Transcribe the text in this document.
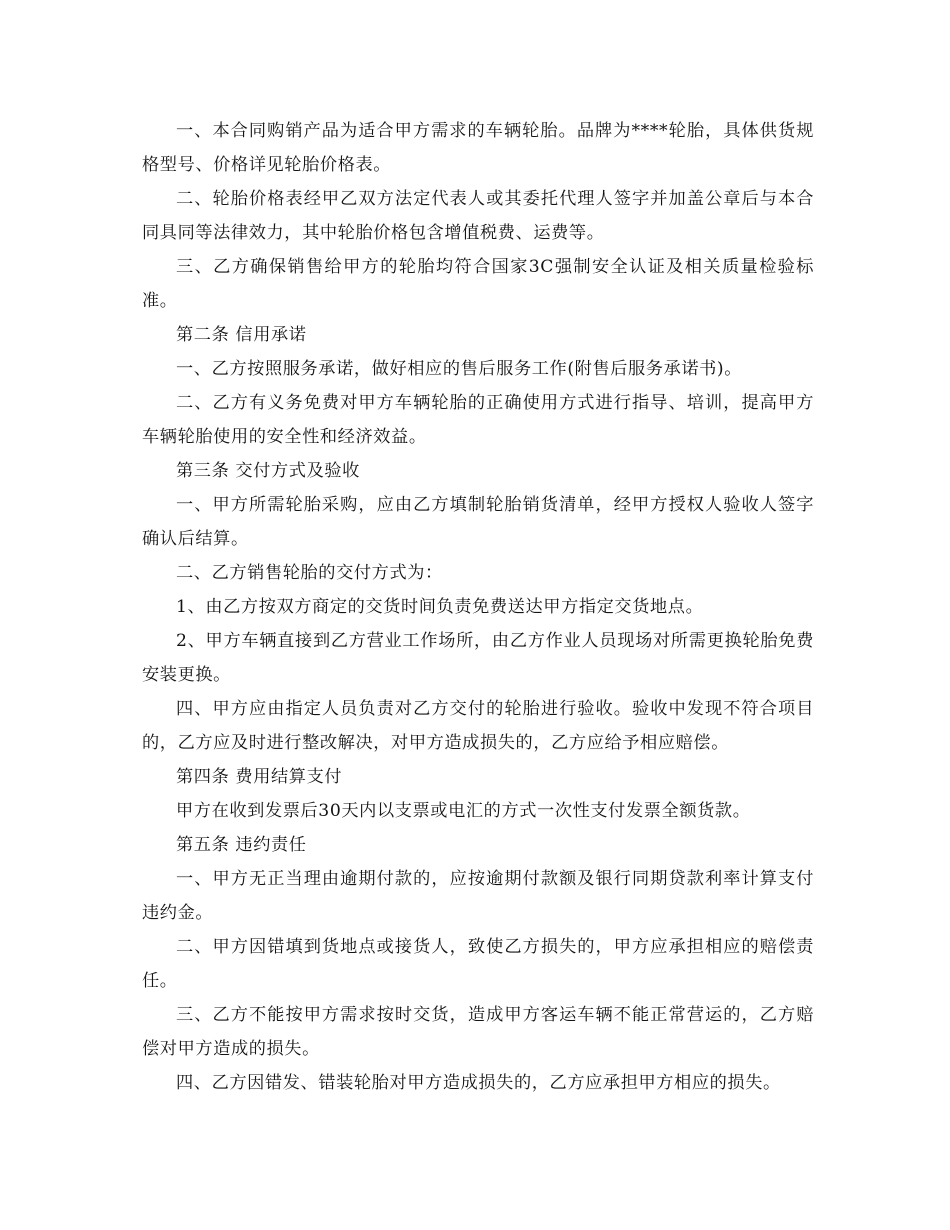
一、本合同购销产品为适合甲方需求的车辆轮胎。品牌为****轮胎，具体供货规格型号、价格详见轮胎价格表。

二、轮胎价格表经甲乙双方法定代表人或其委托代理人签字并加盖公章后与本合同具同等法律效力，其中轮胎价格包含增值税费、运费等。

三、乙方确保销售给甲方的轮胎均符合国家3C强制安全认证及相关质量检验标准。

第二条 信用承诺

一、乙方按照服务承诺，做好相应的售后服务工作(附售后服务承诺书)。

二、乙方有义务免费对甲方车辆轮胎的正确使用方式进行指导、培训，提高甲方车辆轮胎使用的安全性和经济效益。

第三条 交付方式及验收

一、甲方所需轮胎采购，应由乙方填制轮胎销货清单，经甲方授权人验收人签字确认后结算。

二、乙方销售轮胎的交付方式为：

1、由乙方按双方商定的交货时间负责免费送达甲方指定交货地点。

2、甲方车辆直接到乙方营业工作场所，由乙方作业人员现场对所需更换轮胎免费安装更换。

四、甲方应由指定人员负责对乙方交付的轮胎进行验收。验收中发现不符合项目的，乙方应及时进行整改解决，对甲方造成损失的，乙方应给予相应赔偿。

第四条 费用结算支付

甲方在收到发票后30天内以支票或电汇的方式一次性支付发票全额货款。

第五条 违约责任

一、甲方无正当理由逾期付款的，应按逾期付款额及银行同期贷款利率计算支付违约金。

二、甲方因错填到货地点或接货人，致使乙方损失的，甲方应承担相应的赔偿责任。

三、乙方不能按甲方需求按时交货，造成甲方客运车辆不能正常营运的，乙方赔偿对甲方造成的损失。

四、乙方因错发、错装轮胎对甲方造成损失的，乙方应承担甲方相应的损失。
